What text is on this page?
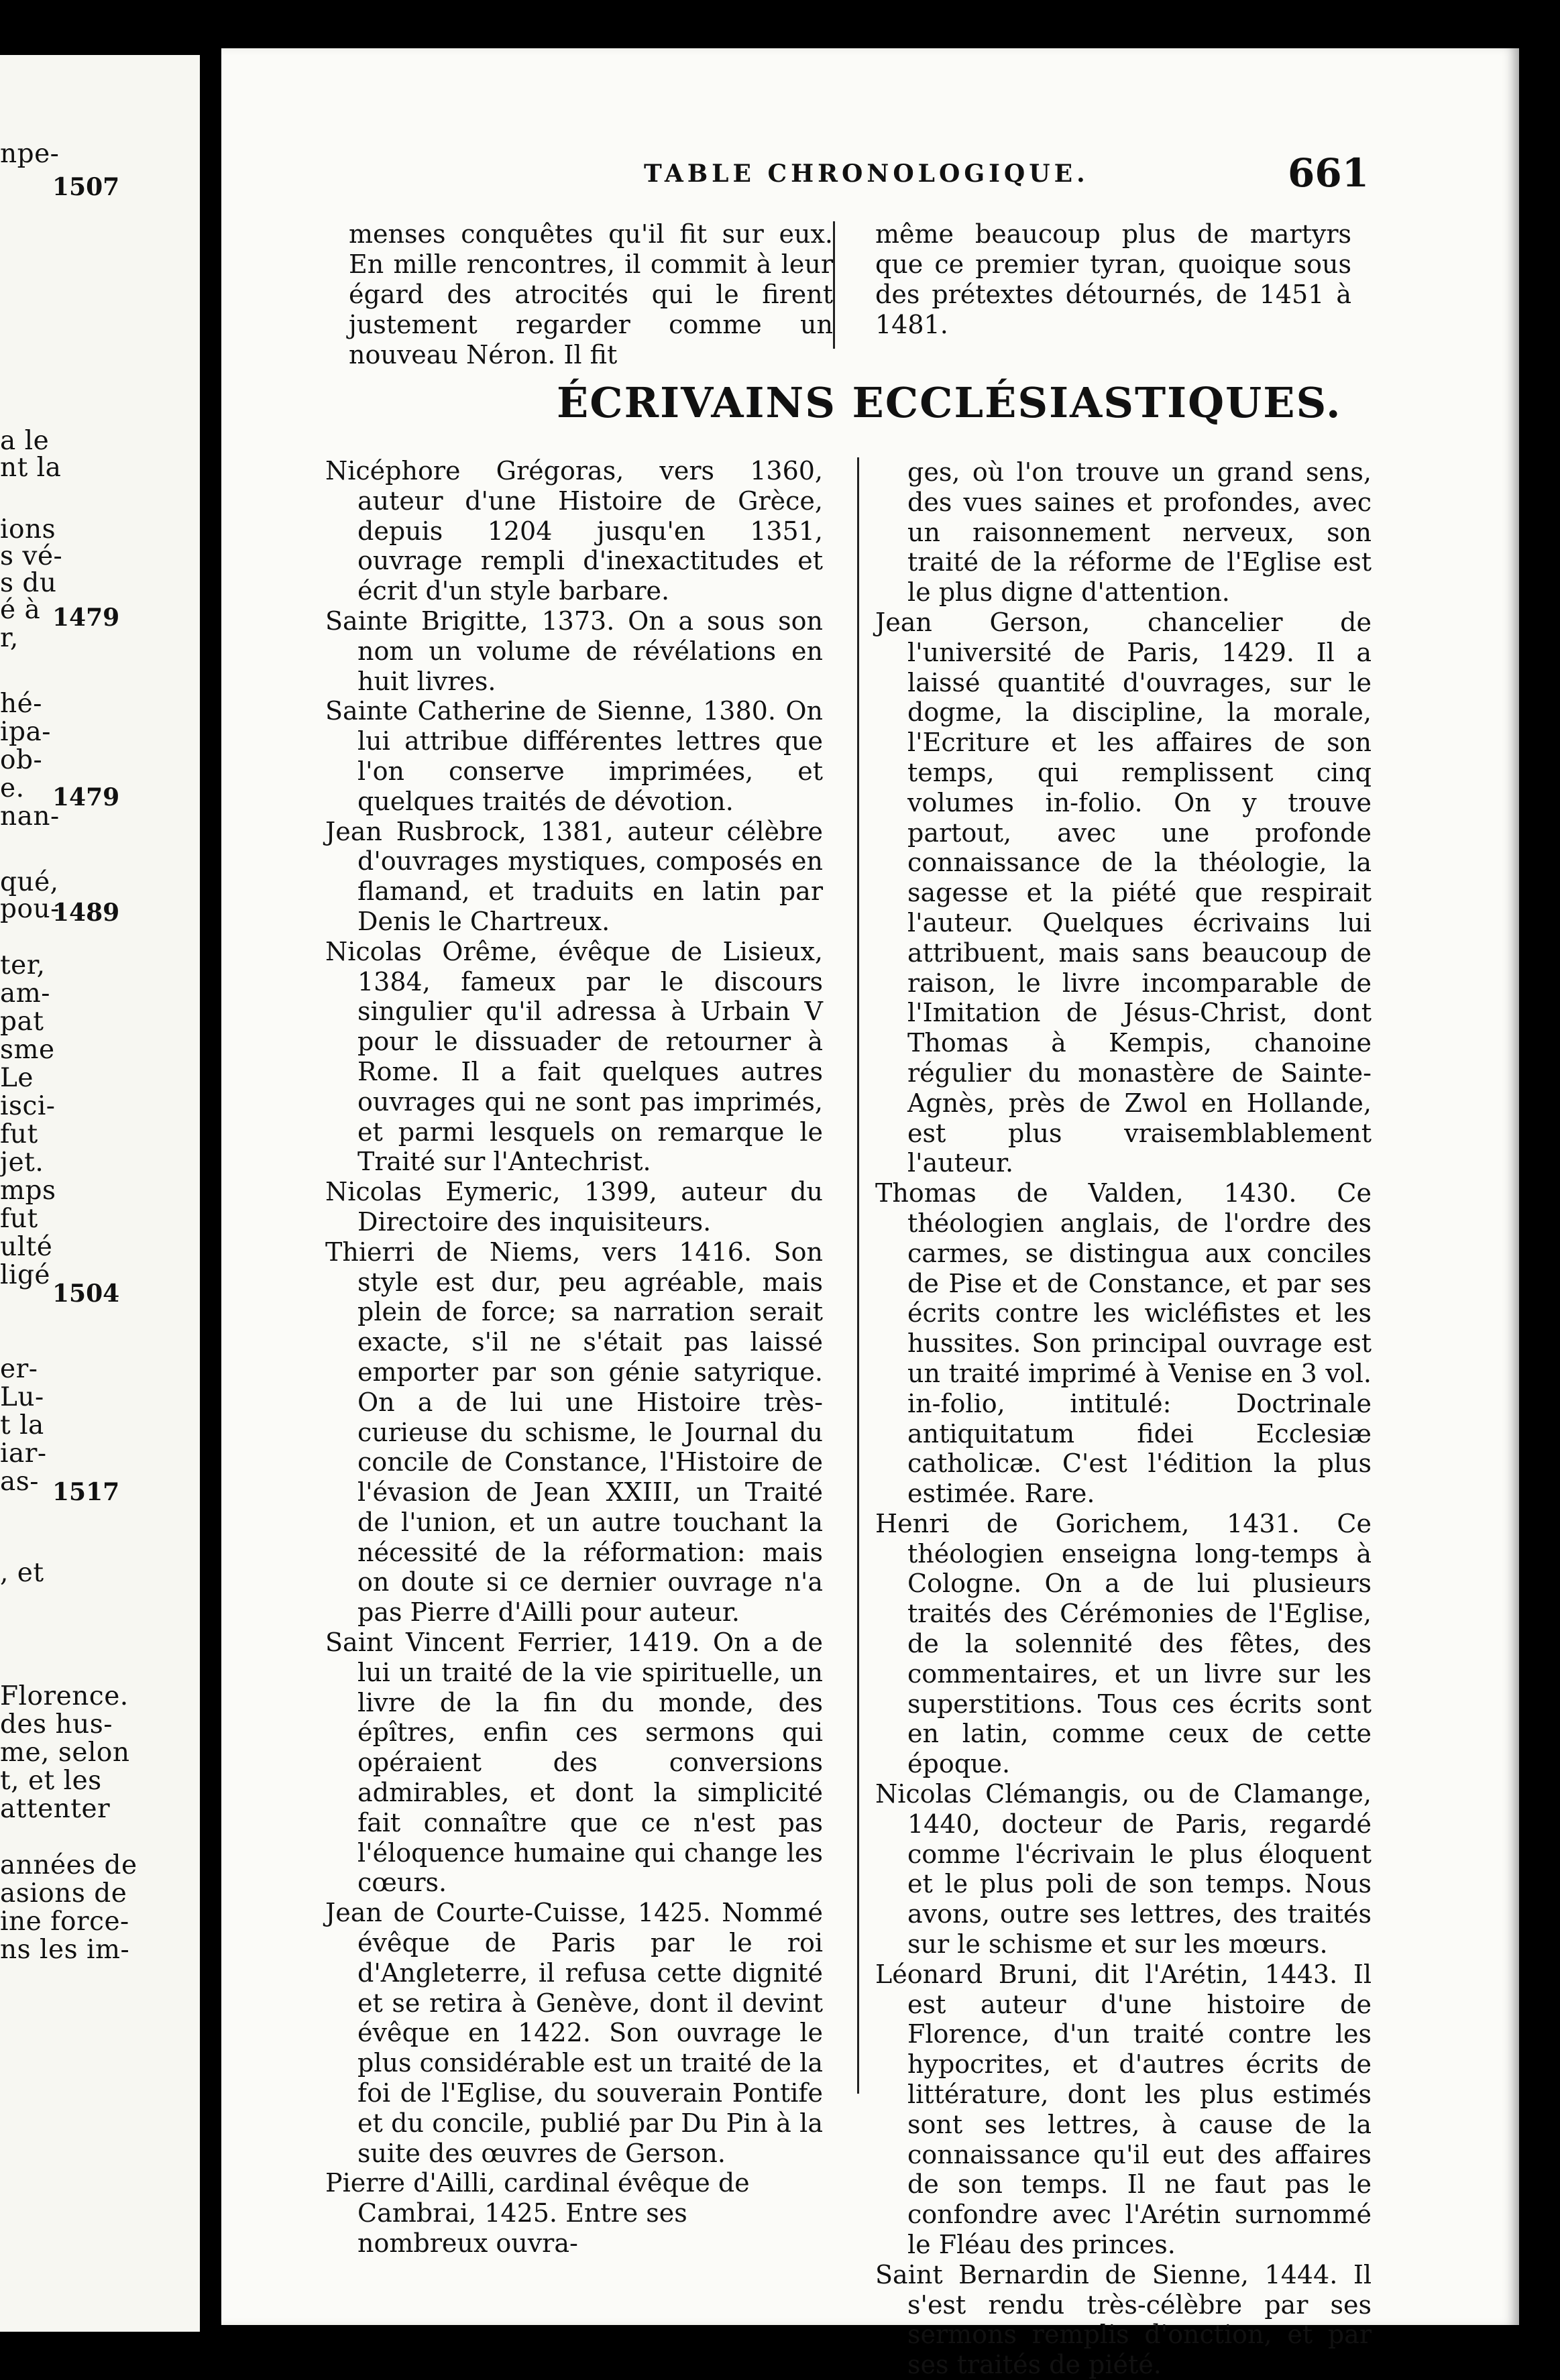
npe-
a le
nt la
ions
s vé-
s du
é à
r,
hé-
ipa-
ob-
e.
nan-
qué,
pou-
ter,
am-
pat
sme
Le
isci-
fut
jet.
mps
fut
ulté
ligé
er-
Lu-
t la
iar-
as-
, et
Florence.
des hus-
me, selon
t, et les
attenter
années de
asions de
ine force-
ns les im-
1507
1479
1479
1489
1504
1517
TABLE CHRONOLOGIQUE.	661

menses conquêtes qu'il fit sur eux. En mille rencontres, il commit à leur égard des atrocités qui le firent justement regarder comme un nouveau Néron. Il fit

même beaucoup plus de martyrs que ce premier tyran, quoique sous des prétextes détournés, de 1451 à 1481.

ÉCRIVAINS ECCLÉSIASTIQUES.

Nicéphore Grégoras, vers 1360, auteur d'une Histoire de Grèce, depuis 1204 jusqu'en 1351, ouvrage rempli d'inexactitudes et écrit d'un style barbare.

Sainte Brigitte, 1373. On a sous son nom un volume de révélations en huit livres.

Sainte Catherine de Sienne, 1380. On lui attribue différentes lettres que l'on conserve imprimées, et quelques traités de dévotion.

Jean Rusbrock, 1381, auteur célèbre d'ouvrages mystiques, composés en flamand, et traduits en latin par Denis le Chartreux.

Nicolas Orême, évêque de Lisieux, 1384, fameux par le discours singulier qu'il adressa à Urbain V pour le dissuader de retourner à Rome. Il a fait quelques autres ouvrages qui ne sont pas imprimés, et parmi lesquels on remarque le Traité sur l'Antechrist.

Nicolas Eymeric, 1399, auteur du Directoire des inquisiteurs.

Thierri de Niems, vers 1416. Son style est dur, peu agréable, mais plein de force; sa narration serait exacte, s'il ne s'était pas laissé emporter par son génie satyrique. On a de lui une Histoire très-curieuse du schisme, le Journal du concile de Constance, l'Histoire de l'évasion de Jean XXIII, un Traité de l'union, et un autre touchant la nécessité de la réformation: mais on doute si ce dernier ouvrage n'a pas Pierre d'Ailli pour auteur.

Saint Vincent Ferrier, 1419. On a de lui un traité de la vie spirituelle, un livre de la fin du monde, des épîtres, enfin ces sermons qui opéraient des conversions admirables, et dont la simplicité fait connaître que ce n'est pas l'éloquence humaine qui change les cœurs.

Jean de Courte-Cuisse, 1425. Nommé évêque de Paris par le roi d'Angleterre, il refusa cette dignité et se retira à Genève, dont il devint évêque en 1422. Son ouvrage le plus considérable est un traité de la foi de l'Eglise, du souverain Pontife et du concile, publié par Du Pin à la suite des œuvres de Gerson.

Pierre d'Ailli, cardinal évêque de Cambrai, 1425. Entre ses nombreux ouvra-

ges, où l'on trouve un grand sens, des vues saines et profondes, avec un raisonnement nerveux, son traité de la réforme de l'Eglise est le plus digne d'attention.

Jean Gerson, chancelier de l'université de Paris, 1429. Il a laissé quantité d'ouvrages, sur le dogme, la discipline, la morale, l'Ecriture et les affaires de son temps, qui remplissent cinq volumes in-folio. On y trouve partout, avec une profonde connaissance de la théologie, la sagesse et la piété que respirait l'auteur. Quelques écrivains lui attribuent, mais sans beaucoup de raison, le livre incomparable de l'Imitation de Jésus-Christ, dont Thomas à Kempis, chanoine régulier du monastère de Sainte-Agnès, près de Zwol en Hollande, est plus vraisemblablement l'auteur.

Thomas de Valden, 1430. Ce théologien anglais, de l'ordre des carmes, se distingua aux conciles de Pise et de Constance, et par ses écrits contre les wicléfistes et les hussites. Son principal ouvrage est un traité imprimé à Venise en 3 vol. in-folio, intitulé: Doctrinale antiquitatum fidei Ecclesiæ catholicæ. C'est l'édition la plus estimée. Rare.

Henri de Gorichem, 1431. Ce théologien enseigna long-temps à Cologne. On a de lui plusieurs traités des Cérémonies de l'Eglise, de la solennité des fêtes, des commentaires, et un livre sur les superstitions. Tous ces écrits sont en latin, comme ceux de cette époque.

Nicolas Clémangis, ou de Clamange, 1440, docteur de Paris, regardé comme l'écrivain le plus éloquent et le plus poli de son temps. Nous avons, outre ses lettres, des traités sur le schisme et sur les mœurs.

Léonard Bruni, dit l'Arétin, 1443. Il est auteur d'une histoire de Florence, d'un traité contre les hypocrites, et d'autres écrits de littérature, dont les plus estimés sont ses lettres, à cause de la connaissance qu'il eut des affaires de son temps. Il ne faut pas le confondre avec l'Arétin surnommé le Fléau des princes.

Saint Bernardin de Sienne, 1444. Il s'est rendu très-célèbre par ses sermons remplis d'onction, et par ses traités de piété.
